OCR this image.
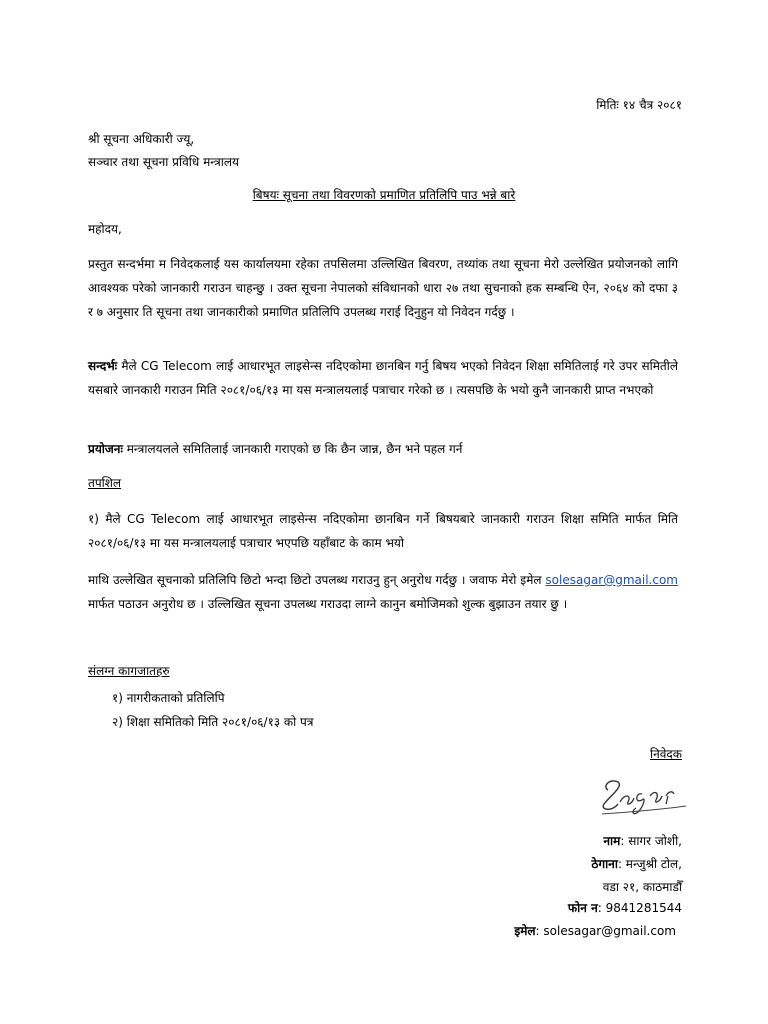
मितिः १४ चैत्र २०८१
श्री सूचना अधिकारी ज्यू,
सञ्चार तथा सूचना प्रविधि मन्त्रालय
बिषयः सूचना तथा विवरणको प्रमाणित प्रतिलिपि पाउ भन्ने बारे
महोदय,
प्रस्तुत सन्दर्भमा म निवेदकलाई यस कार्यालयमा रहेका तपसिलमा उल्लिखित बिवरण, तथ्यांक तथा सूचना मेरो उल्लेखित प्रयोजनको लागि आवश्यक परेको जानकारी गराउन चाहन्छु । उक्त सूचना नेपालको संविधानको धारा २७ तथा सुचनाको हक सम्बन्धि ऐन, २०६४ को दफा ३ र ७ अनुसार ति सूचना तथा जानकारीको प्रमाणित प्रतिलिपि उपलब्ध गराई दिनुहुन यो निवेदन गर्दछु ।
सन्दर्भः मैले CG Telecom लाई आधारभूत लाइसेन्स नदिएकोमा छानबिन गर्नु बिषय भएको निवेदन शिक्षा समितिलाई गरे उपर समितीले यसबारे जानकारी गराउन मिति २०८१/०६/१३ मा यस मन्त्रालयलाई पत्राचार गरेको छ । त्यसपछि के भयो कुनै जानकारी प्राप्त नभएको
प्रयोजनः मन्त्रालयलले समितिलाई जानकारी गराएको छ कि छैन जान्न, छैन भने पहल गर्न
तपशिल
१) मैले CG Telecom लाई आधारभूत लाइसेन्स नदिएकोमा छानबिन गर्ने बिषयबारे जानकारी गराउन शिक्षा समिति मार्फत मिति २०८१/०६/१३ मा यस मन्त्रालयलाई पत्राचार भएपछि यहाँबाट के काम भयो
माथि उल्लेखित सूचनाको प्रतिलिपि छिटो भन्दा छिटो उपलब्ध गराउनु हुन् अनुरोध गर्दछु । जवाफ मेरो इमेल solesagar@gmail.com मार्फत पठाउन अनुरोध छ । उल्लिखित सूचना उपलब्ध गराउदा लाग्ने कानुन बमोजिमको शुल्क बुझाउन तयार छु ।
संलग्न कागजातहरु
१) नागरीकताको प्रतिलिपि
२) शिक्षा समितिको मिति २०८१/०६/१३ को पत्र
निवेदक
नाम: सागर जोशी,
ठेगाना: मन्जुश्री टोल,
वडा २१, काठमाडौँ
फोन न: 9841281544
इमेल: solesagar@gmail.com
